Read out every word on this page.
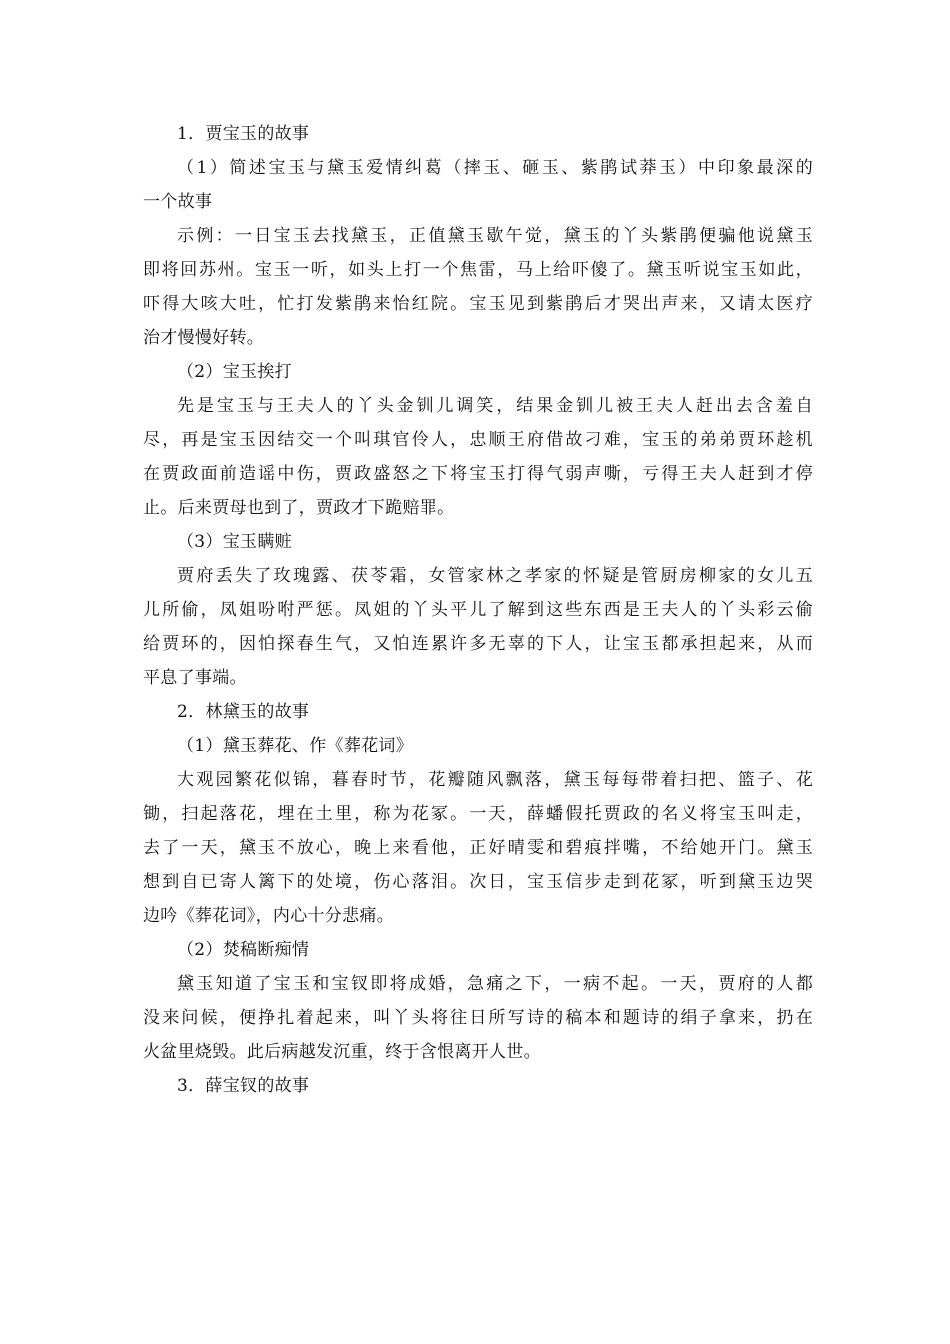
1．贾宝玉的故事
（1）简述宝玉与黛玉爱情纠葛（摔玉、砸玉、紫鹃试莽玉）中印象最深的
一个故事
示例：一日宝玉去找黛玉，正值黛玉歇午觉，黛玉的丫头紫鹃便骗他说黛玉
即将回苏州。宝玉一听，如头上打一个焦雷，马上给吓傻了。黛玉听说宝玉如此，
吓得大咳大吐，忙打发紫鹃来怡红院。宝玉见到紫鹃后才哭出声来，又请太医疗
治才慢慢好转。
（2）宝玉挨打
先是宝玉与王夫人的丫头金钏儿调笑，结果金钏儿被王夫人赶出去含羞自
尽，再是宝玉因结交一个叫琪官伶人，忠顺王府借故刁难，宝玉的弟弟贾环趁机
在贾政面前造谣中伤，贾政盛怒之下将宝玉打得气弱声嘶，亏得王夫人赶到才停
止。后来贾母也到了，贾政才下跪赔罪。
（3）宝玉瞒赃
贾府丢失了玫瑰露、茯苓霜，女管家林之孝家的怀疑是管厨房柳家的女儿五
儿所偷，凤姐吩咐严惩。凤姐的丫头平儿了解到这些东西是王夫人的丫头彩云偷
给贾环的，因怕探春生气，又怕连累许多无辜的下人，让宝玉都承担起来，从而
平息了事端。
2．林黛玉的故事
（1）黛玉葬花、作《葬花词》
大观园繁花似锦，暮春时节，花瓣随风飘落，黛玉每每带着扫把、篮子、花
锄，扫起落花，埋在土里，称为花冢。一天，薛蟠假托贾政的名义将宝玉叫走，
去了一天，黛玉不放心，晚上来看他，正好晴雯和碧痕拌嘴，不给她开门。黛玉
想到自已寄人篱下的处境，伤心落泪。次日，宝玉信步走到花冢，听到黛玉边哭
边吟《葬花词》，内心十分悲痛。
（2）焚稿断痴情
黛玉知道了宝玉和宝钗即将成婚，急痛之下，一病不起。一天，贾府的人都
没来问候，便挣扎着起来，叫丫头将往日所写诗的稿本和题诗的绢子拿来，扔在
火盆里烧毁。此后病越发沉重，终于含恨离开人世。
3．薛宝钗的故事
